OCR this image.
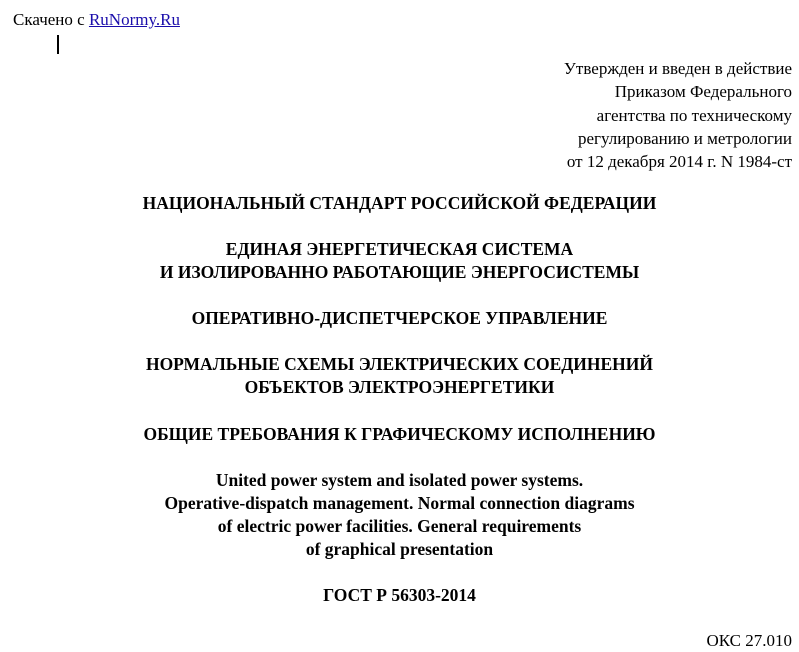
Скачено с RuNormy.Ru
Утвержден и введен в действие
Приказом Федерального
агентства по техническому
регулированию и метрологии
от 12 декабря 2014 г. N 1984-ст
НАЦИОНАЛЬНЫЙ СТАНДАРТ РОССИЙСКОЙ ФЕДЕРАЦИИ
ЕДИНАЯ ЭНЕРГЕТИЧЕСКАЯ СИСТЕМА
И ИЗОЛИРОВАННО РАБОТАЮЩИЕ ЭНЕРГОСИСТЕМЫ
ОПЕРАТИВНО-ДИСПЕТЧЕРСКОЕ УПРАВЛЕНИЕ
НОРМАЛЬНЫЕ СХЕМЫ ЭЛЕКТРИЧЕСКИХ СОЕДИНЕНИЙ
ОБЪЕКТОВ ЭЛЕКТРОЭНЕРГЕТИКИ
ОБЩИЕ ТРЕБОВАНИЯ К ГРАФИЧЕСКОМУ ИСПОЛНЕНИЮ
United power system and isolated power systems.
Operative-dispatch management. Normal connection diagrams
of electric power facilities. General requirements
of graphical presentation
ГОСТ Р 56303-2014
ОКС 27.010
